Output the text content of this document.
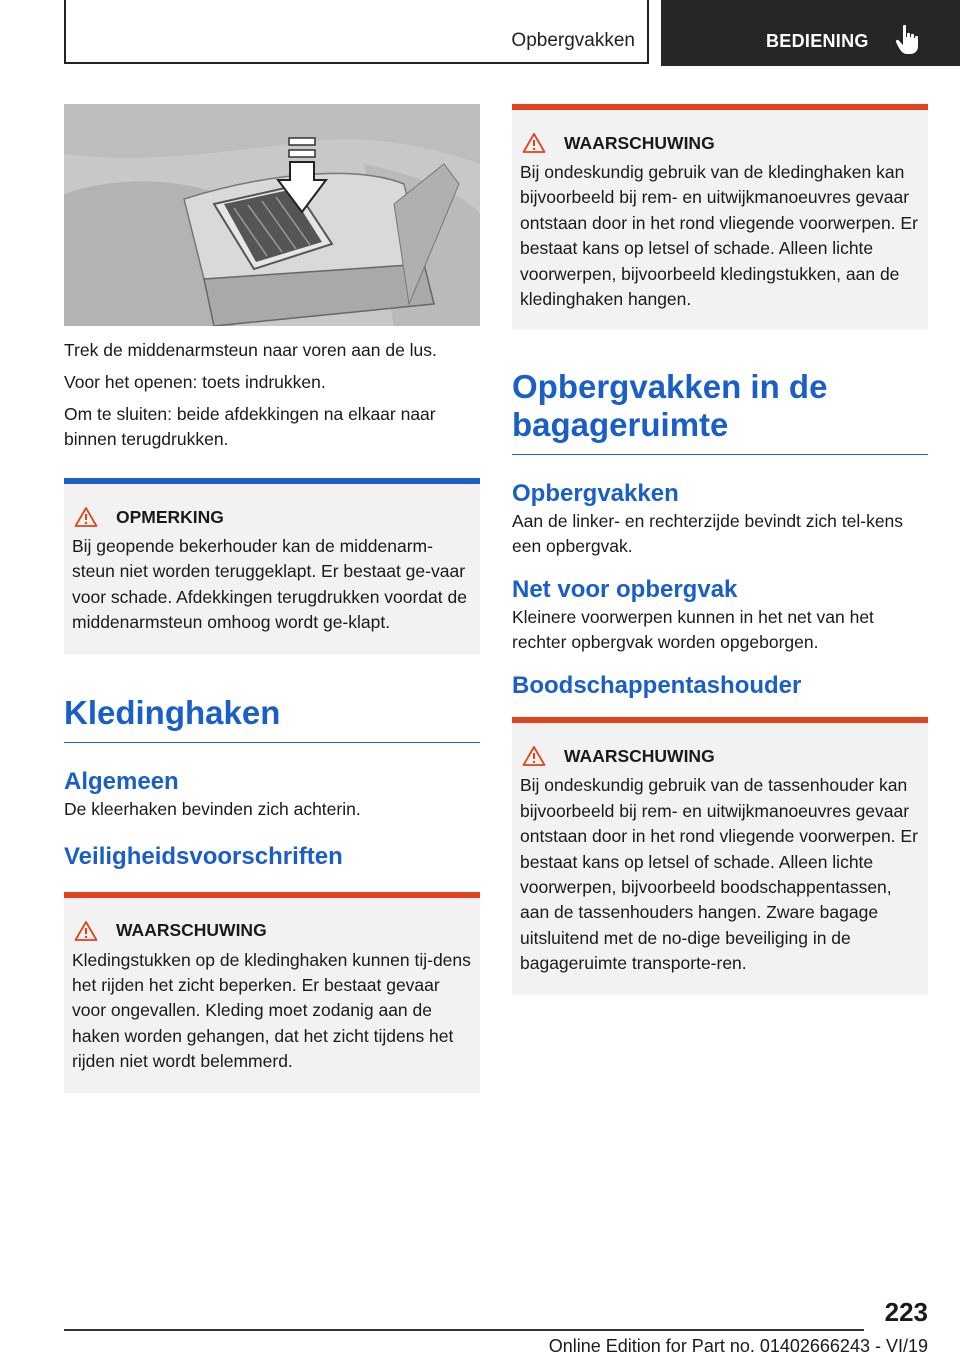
Opbergvakken	BEDIENING

Trek de middenarmsteun naar voren aan de lus.

Voor het openen: toets indrukken.

Om te sluiten: beide afdekkingen na elkaar naar binnen terugdrukken.

OPMERKING

Bij geopende bekerhouder kan de middenarm-steun niet worden teruggeklapt. Er bestaat ge-vaar voor schade. Afdekkingen terugdrukken voordat de middenarmsteun omhoog wordt ge-klapt.

Kledinghaken
Algemeen

De kleerhaken bevinden zich achterin.

Veiligheidsvoorschriften
WAARSCHUWING

Kledingstukken op de kledinghaken kunnen tij-dens het rijden het zicht beperken. Er bestaat gevaar voor ongevallen. Kleding moet zodanig aan de haken worden gehangen, dat het zicht tijdens het rijden niet wordt belemmerd.

WAARSCHUWING

Bij ondeskundig gebruik van de kledinghaken kan bijvoorbeeld bij rem- en uitwijkmanoeuvres gevaar ontstaan door in het rond vliegende voorwerpen. Er bestaat kans op letsel of schade. Alleen lichte voorwerpen, bijvoorbeeld kledingstukken, aan de kledinghaken hangen.

Opbergvakken in de bagageruimte
Opbergvakken

Aan de linker- en rechterzijde bevindt zich tel-kens een opbergvak.

Net voor opbergvak

Kleinere voorwerpen kunnen in het net van het rechter opbergvak worden opgeborgen.

Boodschappentashouder
WAARSCHUWING

Bij ondeskundig gebruik van de tassenhouder kan bijvoorbeeld bij rem- en uitwijkmanoeuvres gevaar ontstaan door in het rond vliegende voorwerpen. Er bestaat kans op letsel of schade. Alleen lichte voorwerpen, bijvoorbeeld boodschappentassen, aan de tassenhouders hangen. Zware bagage uitsluitend met de no-dige beveiliging in de bagageruimte transporte-ren.

223
Online Edition for Part no. 01402666243 - VI/19
